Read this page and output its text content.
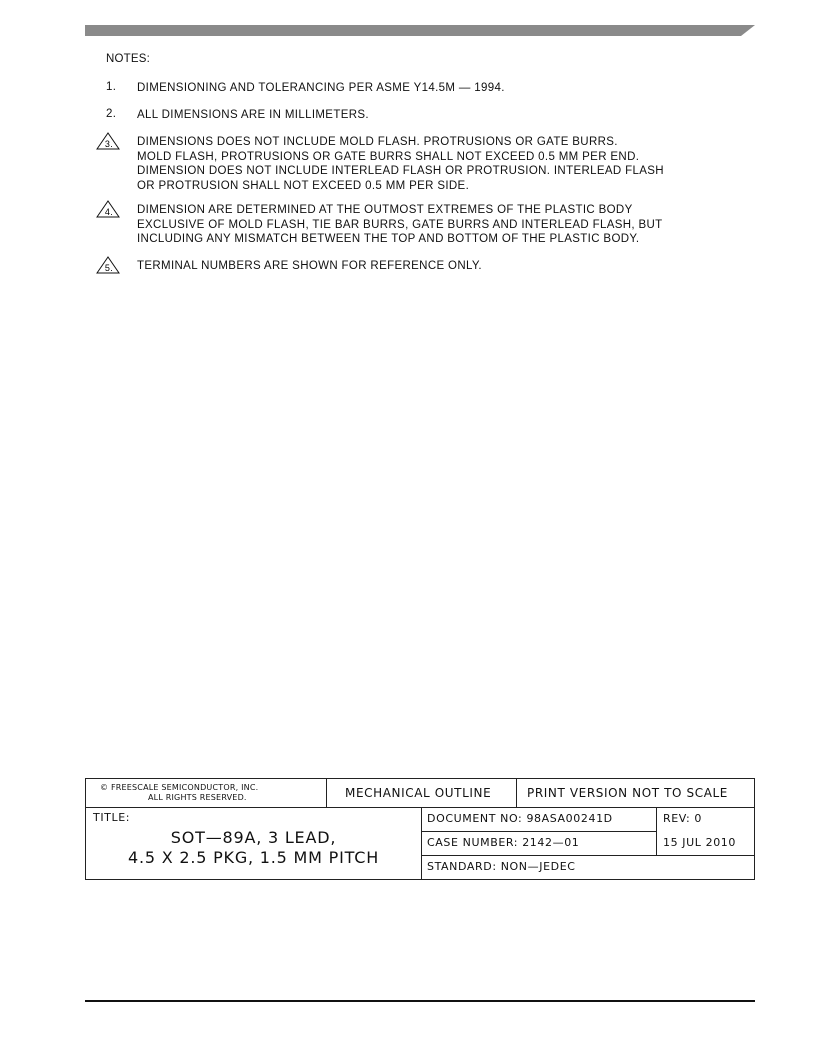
NOTES:
1. DIMENSIONING AND TOLERANCING PER ASME Y14.5M — 1994.
2. ALL DIMENSIONS ARE IN MILLIMETERS.
3. DIMENSIONS DOES NOT INCLUDE MOLD FLASH. PROTRUSIONS OR GATE BURRS.
MOLD FLASH, PROTRUSIONS OR GATE BURRS SHALL NOT EXCEED 0.5 MM PER END.
DIMENSION DOES NOT INCLUDE INTERLEAD FLASH OR PROTRUSION. INTERLEAD FLASH
OR PROTRUSION SHALL NOT EXCEED 0.5 MM PER SIDE.
4. DIMENSION ARE DETERMINED AT THE OUTMOST EXTREMES OF THE PLASTIC BODY
EXCLUSIVE OF MOLD FLASH, TIE BAR BURRS, GATE BURRS AND INTERLEAD FLASH, BUT
INCLUDING ANY MISMATCH BETWEEN THE TOP AND BOTTOM OF THE PLASTIC BODY.
5. TERMINAL NUMBERS ARE SHOWN FOR REFERENCE ONLY.
© FREESCALE SEMICONDUCTOR, INC.
ALL RIGHTS RESERVED.	MECHANICAL OUTLINE	PRINT VERSION NOT TO SCALE
TITLE:
SOT—89A, 3 LEAD,
4.5 X 2.5 PKG, 1.5 MM PITCH
DOCUMENT NO: 98ASA00241D	REV: 0
CASE NUMBER: 2142—01	15 JUL 2010
STANDARD: NON—JEDEC
